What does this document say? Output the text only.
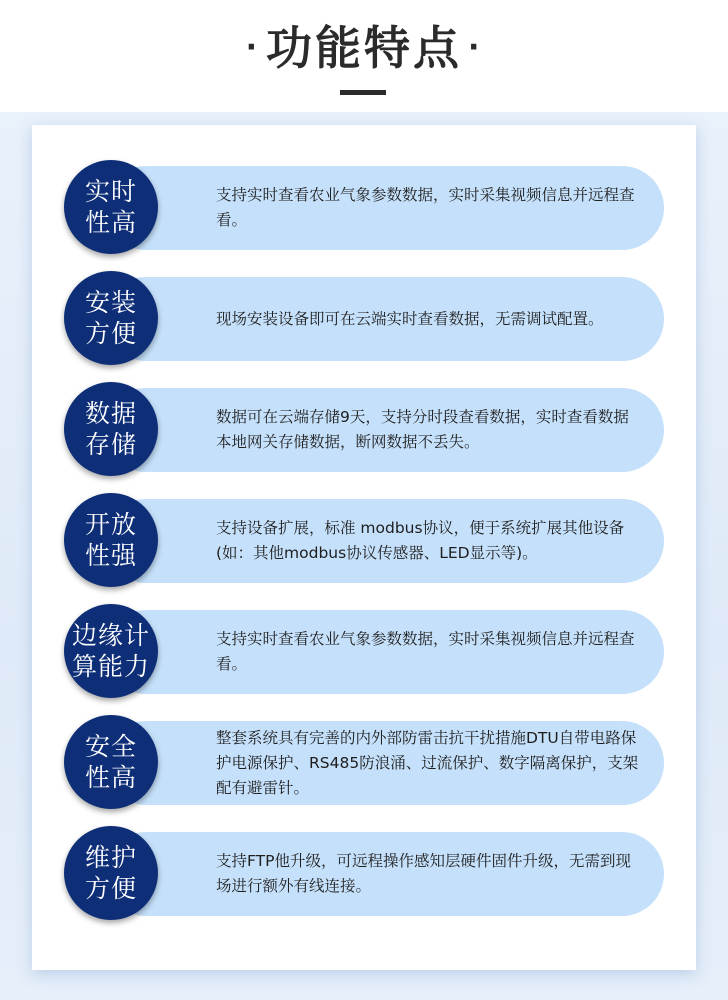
· 功能特点 ·
支持实时查看农业气象参数数据，实时采集视频信息并远程查看。
实时
性高
现场安装设备即可在云端实时查看数据，无需调试配置。
安装
方便
数据可在云端存储9天，支持分时段查看数据，实时查看数据本地网关存储数据，断网数据不丢失。
数据
存储
支持设备扩展，标准 modbus协议，便于系统扩展其他设备(如：其他modbus协议传感器、LED显示等)。
开放
性强
支持实时查看农业气象参数数据，实时采集视频信息并远程查看。
边缘计
算能力
整套系统具有完善的内外部防雷击抗干扰措施DTU自带电路保护电源保护、RS485防浪涌、过流保护、数字隔离保护，支架配有避雷针。
安全
性高
支持FTP他升级，可远程操作感知层硬件固件升级，无需到现场进行额外有线连接。
维护
方便
